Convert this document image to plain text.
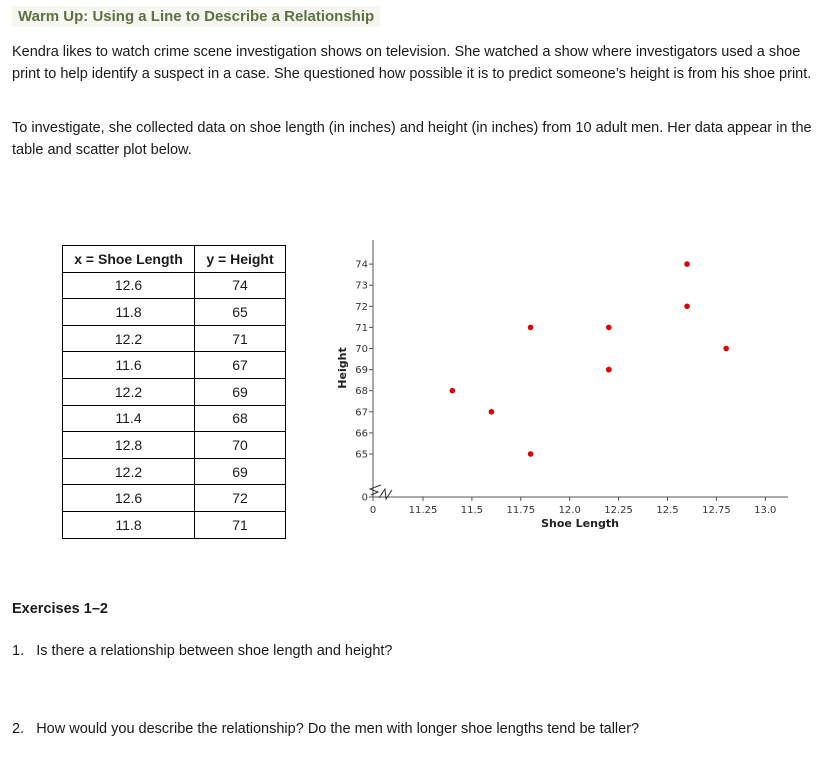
Warm Up: Using a Line to Describe a Relationship
Kendra likes to watch crime scene investigation shows on television. She watched a show where investigators used a shoe print to help identify a suspect in a case. She questioned how possible it is to predict someone’s height is from his shoe print.
To investigate, she collected data on shoe length (in inches) and height (in inches) from 10 adult men. Her data appear in the table and scatter plot below.
x = Shoe Length	y = Height
12.6	74
11.8	65
12.2	71
11.6	67
12.2	69
11.4	68
12.8	70
12.2	69
12.6	72
11.8	71
0	11.25 11.5 11.75 12.0 12.25 12.5 12.75 13.0
0
65
66
67
68
69
70
71
72
73
74
Shoe Length
Height
Exercises 1–2
1. Is there a relationship between shoe length and height?
2. How would you describe the relationship? Do the men with longer shoe lengths tend be taller?
